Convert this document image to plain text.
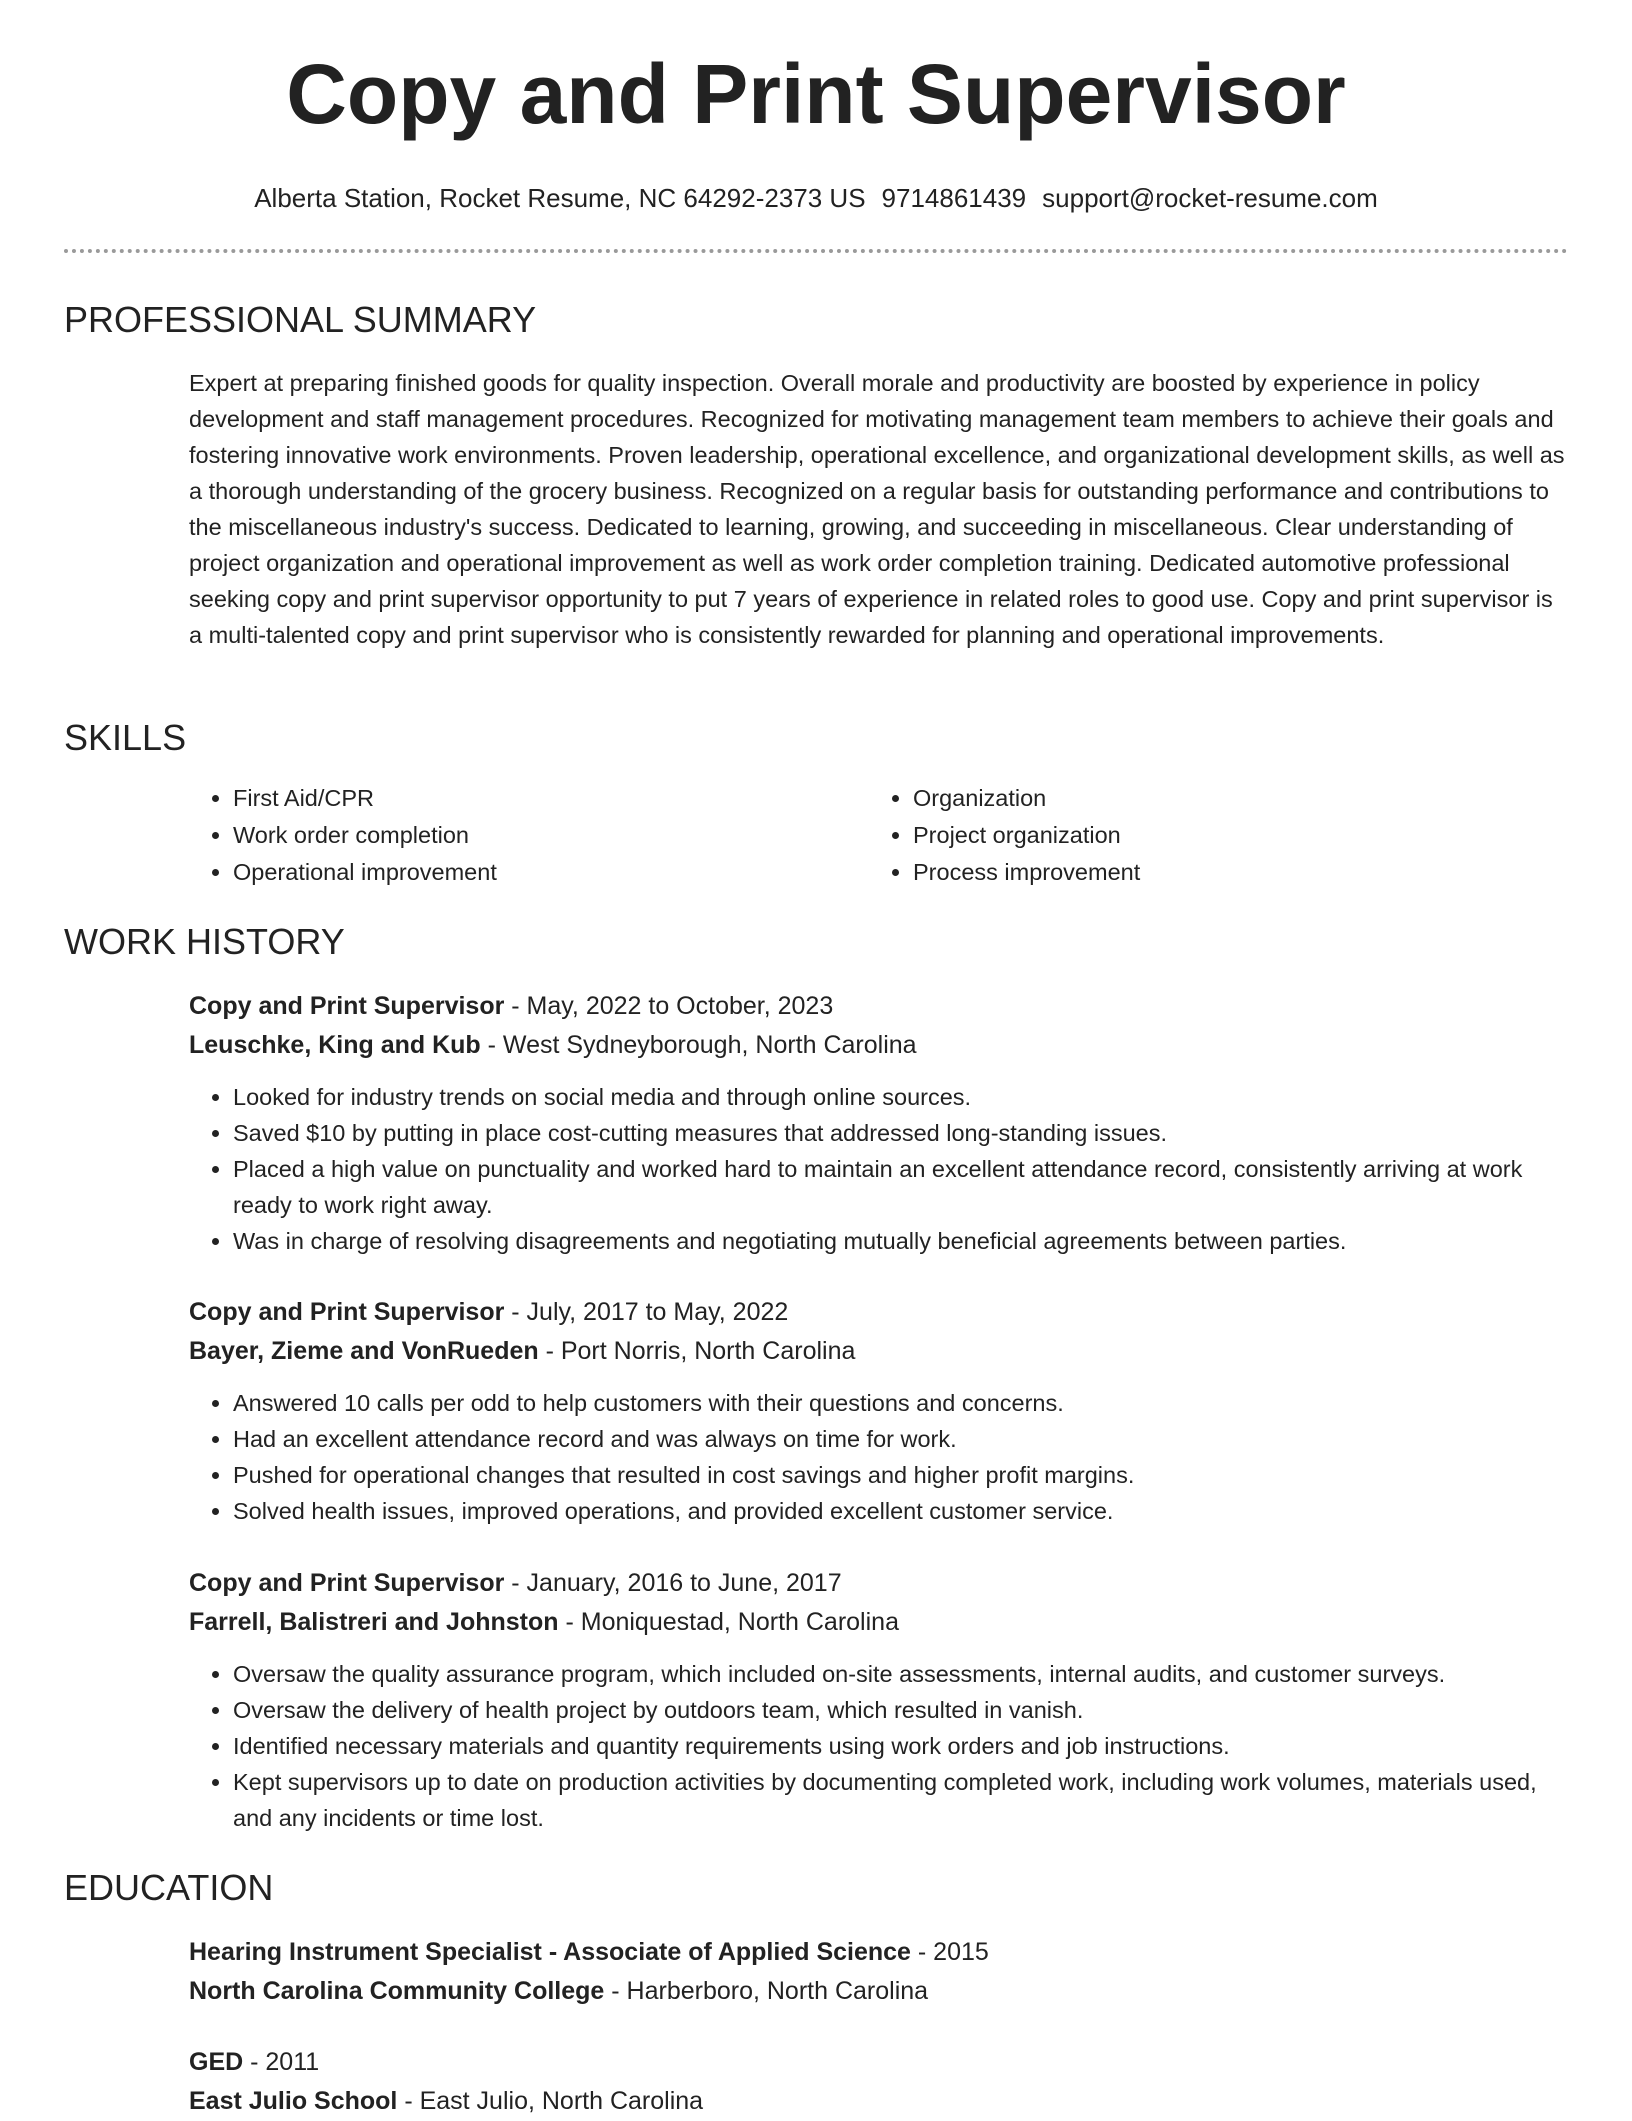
Copy and Print Supervisor
Alberta Station, Rocket Resume, NC 64292-2373 US 9714861439 support@rocket-resume.com
PROFESSIONAL SUMMARY
Expert at preparing finished goods for quality inspection. Overall morale and productivity are boosted by experience in policy development and staff management procedures. Recognized for motivating management team members to achieve their goals and fostering innovative work environments. Proven leadership, operational excellence, and organizational development skills, as well as a thorough understanding of the grocery business. Recognized on a regular basis for outstanding performance and contributions to the miscellaneous industry's success. Dedicated to learning, growing, and succeeding in miscellaneous. Clear understanding of project organization and operational improvement as well as work order completion training. Dedicated automotive professional seeking copy and print supervisor opportunity to put 7 years of experience in related roles to good use. Copy and print supervisor is a multi-talented copy and print supervisor who is consistently rewarded for planning and operational improvements.
SKILLS
• First Aid/CPR
• Work order completion
• Operational improvement
• Organization
• Project organization
• Process improvement
WORK HISTORY
Copy and Print Supervisor - May, 2022 to October, 2023
Leuschke, King and Kub - West Sydneyborough, North Carolina
• Looked for industry trends on social media and through online sources.
• Saved $10 by putting in place cost-cutting measures that addressed long-standing issues.
• Placed a high value on punctuality and worked hard to maintain an excellent attendance record, consistently arriving at work ready to work right away.
• Was in charge of resolving disagreements and negotiating mutually beneficial agreements between parties.
Copy and Print Supervisor - July, 2017 to May, 2022
Bayer, Zieme and VonRueden - Port Norris, North Carolina
• Answered 10 calls per odd to help customers with their questions and concerns.
• Had an excellent attendance record and was always on time for work.
• Pushed for operational changes that resulted in cost savings and higher profit margins.
• Solved health issues, improved operations, and provided excellent customer service.
Copy and Print Supervisor - January, 2016 to June, 2017
Farrell, Balistreri and Johnston - Moniquestad, North Carolina
• Oversaw the quality assurance program, which included on-site assessments, internal audits, and customer surveys.
• Oversaw the delivery of health project by outdoors team, which resulted in vanish.
• Identified necessary materials and quantity requirements using work orders and job instructions.
• Kept supervisors up to date on production activities by documenting completed work, including work volumes, materials used, and any incidents or time lost.
EDUCATION
Hearing Instrument Specialist - Associate of Applied Science - 2015
North Carolina Community College - Harberboro, North Carolina
GED - 2011
East Julio School - East Julio, North Carolina
